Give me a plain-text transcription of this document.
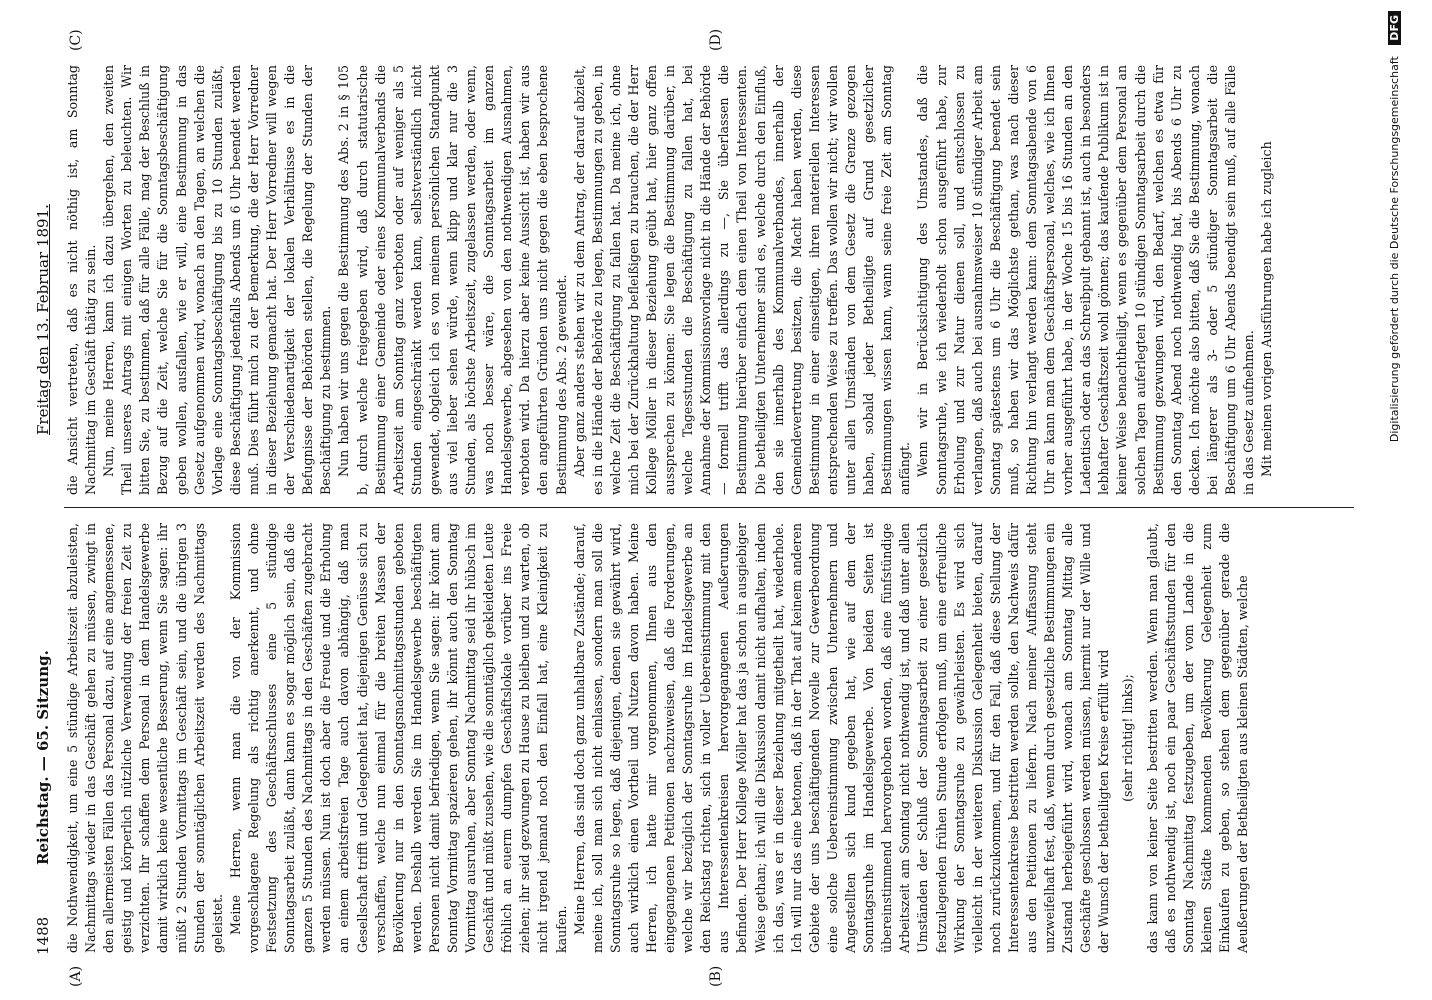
1488
Reichstag. — 65. Sitzung.
Freitag den 13. Februar 1891.
(A)	(B)
(C)	(D)

die Nothwendigkeit, um eine 5 stündige Arbeitszeit abzuleisten, Nachmittags wieder in das Geschäft gehen zu müssen, zwingt in den allermeisten Fällen das Personal dazu, auf eine angemessene, geistig und körperlich nützliche Verwendung der freien Zeit zu verzichten. Ihr schaffen dem Personal in dem Handelsgewerbe damit wirklich keine wesentliche Besserung, wenn Sie sagen: ihr müßt 2 Stunden Vormittags im Geschäft sein, und die übrigen 3 Stunden der sonntäglichen Arbeitszeit werden des Nachmittags geleistet. Meine Herren, wenn man die von der Kommission vorgeschlagene Regelung als richtig anerkennt, und ohne Festsetzung des Geschäftsschlusses eine 5 stündige Sonntagsarbeit zuläßt, dann kann es sogar möglich sein, daß die ganzen 5 Stunden des Nachmittags in den Geschäften zugebracht werden müssen. Nun ist doch aber die Freude und die Erholung an einem arbeitsfreien Tage auch davon abhängig, daß man Gesellschaft trifft und Gelegenheit hat, diejenigen Genüsse sich zu verschaffen, welche nun einmal für die breiten Massen der Bevölkerung nur in den Sonntagsnachmittagsstunden geboten werden. Deshalb werden Sie im Handelsgewerbe beschäftigten Personen nicht damit befriedigen, wenn Sie sagen: ihr könnt am Sonntag Vormittag spazieren gehen, ihr könnt auch den Sonntag Vormittag ausruhen, aber Sonntag Nachmittag seid ihr hübsch im Geschäft und müßt zusehen, wie die sonntäglich gekleideten Leute fröhlich an euerm dumpfen Geschäftslokale vorüber ins Freie ziehen; ihr seid gezwungen zu Hause zu bleiben und zu warten, ob nicht irgend jemand noch den Einfall hat, eine Kleinigkeit zu kaufen. Meine Herren, das sind doch ganz unhaltbare Zustände; darauf, meine ich, soll man sich nicht einlassen, sondern man soll die Sonntagsruhe so legen, daß diejenigen, denen sie gewährt wird, auch wirklich einen Vortheil und Nutzen davon haben. Meine Herren, ich hatte mir vorgenommen, Ihnen aus den eingegangenen Petitionen nachzuweisen, daß die Forderungen, welche wir bezüglich der Sonntagsruhe im Handelsgewerbe an den Reichstag richten, sich in voller Uebereinstimmung mit den aus Interessentenkreisen hervorgegangenen Aeußerungen befinden. Der Herr Kollege Möller hat das ja schon in ausgiebiger Weise gethan; ich will die Diskussion damit nicht aufhalten, indem ich das, was er in dieser Beziehung mitgetheilt hat, wiederhole. Ich will nur das eine betonen, daß in der That auf keinem anderen Gebiete der uns beschäftigenden Novelle zur Gewerbeordnung eine solche Uebereinstimmung zwischen Unternehmern und Angestellten sich kund gegeben hat, wie auf dem der Sonntagsruhe im Handelsgewerbe. Von beiden Seiten ist übereinstimmend hervorgehoben worden, daß eine fünfstündige Arbeitszeit am Sonntag nicht nothwendig ist, und daß unter allen Umständen der Schluß der Sonntagsarbeit zu einer gesetzlich festzulegenden frühen Stunde erfolgen muß, um eine erfreuliche Wirkung der Sonntagsruhe zu gewährleisten. Es wird sich vielleicht in der weiteren Diskussion Gelegenheit bieten, darauf noch zurückzukommen, und für den Fall, daß diese Stellung der Interessentenkreise bestritten werden sollte, den Nachweis dafür aus den Petitionen zu liefern. Nach meiner Auffassung steht unzweifelhaft fest, daß, wenn durch gesetzliche Bestimmungen ein Zustand herbeigeführt wird, wonach am Sonntag Mittag alle Geschäfte geschlossen werden müssen, hiermit nur der Wille und der Wunsch der betheiligten Kreise erfüllt wird (sehr richtig! links); das kann von keiner Seite bestritten werden. Wenn man glaubt, daß es nothwendig ist, noch ein paar Geschäftsstunden für den Sonntag Nachmittag festzugeben, um der vom Lande in die kleinen Städte kommenden Bevölkerung Gelegenheit zum Einkaufen zu geben, so stehen dem gegenüber gerade die Aeußerungen der Betheiligten aus kleinen Städten, welche

die Ansicht vertreten, daß es nicht nöthig ist, am Sonntag Nachmittag im Geschäft thätig zu sein. Nun, meine Herren, kann ich dazu übergehen, den zweiten Theil unseres Antrags mit einigen Worten zu beleuchten. Wir bitten Sie, zu bestimmen, daß für alle Fälle, mag der Beschluß in Bezug auf die Zeit, welche Sie für die Sonntagsbeschäftigung geben wollen, ausfallen, wie er will, eine Bestimmung in das Gesetz aufgenommen wird, wonach an den Tagen, an welchen die Vorlage eine Sonntagsbeschäftigung bis zu 10 Stunden zuläßt, diese Beschäftigung jedenfalls Abends um 6 Uhr beendet werden muß. Dies führt mich zu der Bemerkung, die der Herr Vorredner in dieser Beziehung gemacht hat. Der Herr Vorredner will wegen der Verschiedenartigkeit der lokalen Verhältnisse es in die Befugnisse der Behörden stellen, die Regelung der Stunden der Beschäftigung zu bestimmen. Nun haben wir uns gegen die Bestimmung des Abs. 2 in § 105 b, durch welche freigegeben wird, daß durch statutarische Bestimmung einer Gemeinde oder eines Kommunalverbands die Arbeitszeit am Sonntag ganz verboten oder auf weniger als 5 Stunden eingeschränkt werden kann, selbstverständlich nicht gewendet, obgleich ich es von meinem persönlichen Standpunkt aus viel lieber sehen würde, wenn klipp und klar nur die 3 Stunden, als höchste Arbeitszeit, zugelassen werden, oder wenn, was noch besser wäre, die Sonntagsarbeit im ganzen Handelsgewerbe, abgesehen von den nothwendigen Ausnahmen, verboten wird. Da hierzu aber keine Aussicht ist, haben wir aus den angeführten Gründen uns nicht gegen die eben besprochene Bestimmung des Abs. 2 gewendet. Aber ganz anders stehen wir zu dem Antrag, der darauf abzielt, es in die Hände der Behörde zu legen, Bestimmungen zu geben, in welche Zeit die Beschäftigung zu fallen hat. Da meine ich, ohne mich bei der Zurückhaltung befleißigen zu brauchen, die der Herr Kollege Möller in dieser Beziehung geübt hat, hier ganz offen aussprechen zu können: Sie legen die Bestimmung darüber, in welche Tagesstunden die Beschäftigung zu fallen hat, bei Annahme der Kommissionsvorlage nicht in die Hände der Behörde — formell trifft das allerdings zu —, Sie überlassen die Bestimmung hierüber einfach dem einen Theil von Interessenten. Die betheiligten Unternehmer sind es, welche durch den Einfluß, den sie innerhalb des Kommunalverbandes, innerhalb der Gemeindevertretung besitzen, die Macht haben werden, diese Bestimmung in einer einseitigen, ihren materiellen Interessen entsprechenden Weise zu treffen. Das wollen wir nicht; wir wollen unter allen Umständen von dem Gesetz die Grenze gezogen haben, sobald jeder Betheiligte auf Grund gesetzlicher Bestimmungen wissen kann, wann seine freie Zeit am Sonntag anfängt. Wenn wir in Berücksichtigung des Umstandes, daß die Sonntagsruhe, wie ich wiederholt schon ausgeführt habe, zur Erholung und zur Natur dienen soll, und entschlossen zu verlangen, daß auch bei ausnahmsweiser 10 stündiger Arbeit am Sonntag spätestens um 6 Uhr die Beschäftigung beendet sein muß, so haben wir das Möglichste gethan, was nach dieser Richtung hin verlangt werden kann: dem Sonntagsabende von 6 Uhr an kann man dem Geschäftspersonal, welches, wie ich Ihnen vorher ausgeführt habe, in der Woche 15 bis 16 Stunden an den Ladentisch oder an das Schreibpult gebannt ist, auch in besonders lebhafter Geschäftszeit wohl gönnen; das kaufende Publikum ist in keiner Weise benachtheiligt, wenn es gegenüber dem Personal an solchen Tagen auferlegten 10 stündigen Sonntagsarbeit durch die Bestimmung gezwungen wird, den Bedarf, welchen es etwa für den Sonntag Abend noch nothwendig hat, bis Abends 6 Uhr zu decken. Ich möchte also bitten, daß Sie die Bestimmung, wonach bei längerer als 3- oder 5 stündiger Sonntagsarbeit die Beschäftigung um 6 Uhr Abends beendigt sein muß, auf alle Fälle in das Gesetz aufnehmen. Mit meinen vorigen Ausführungen habe ich zugleich	Digitalisierung gefördert durch die Deutsche Forschungsgemeinschaft DFG
